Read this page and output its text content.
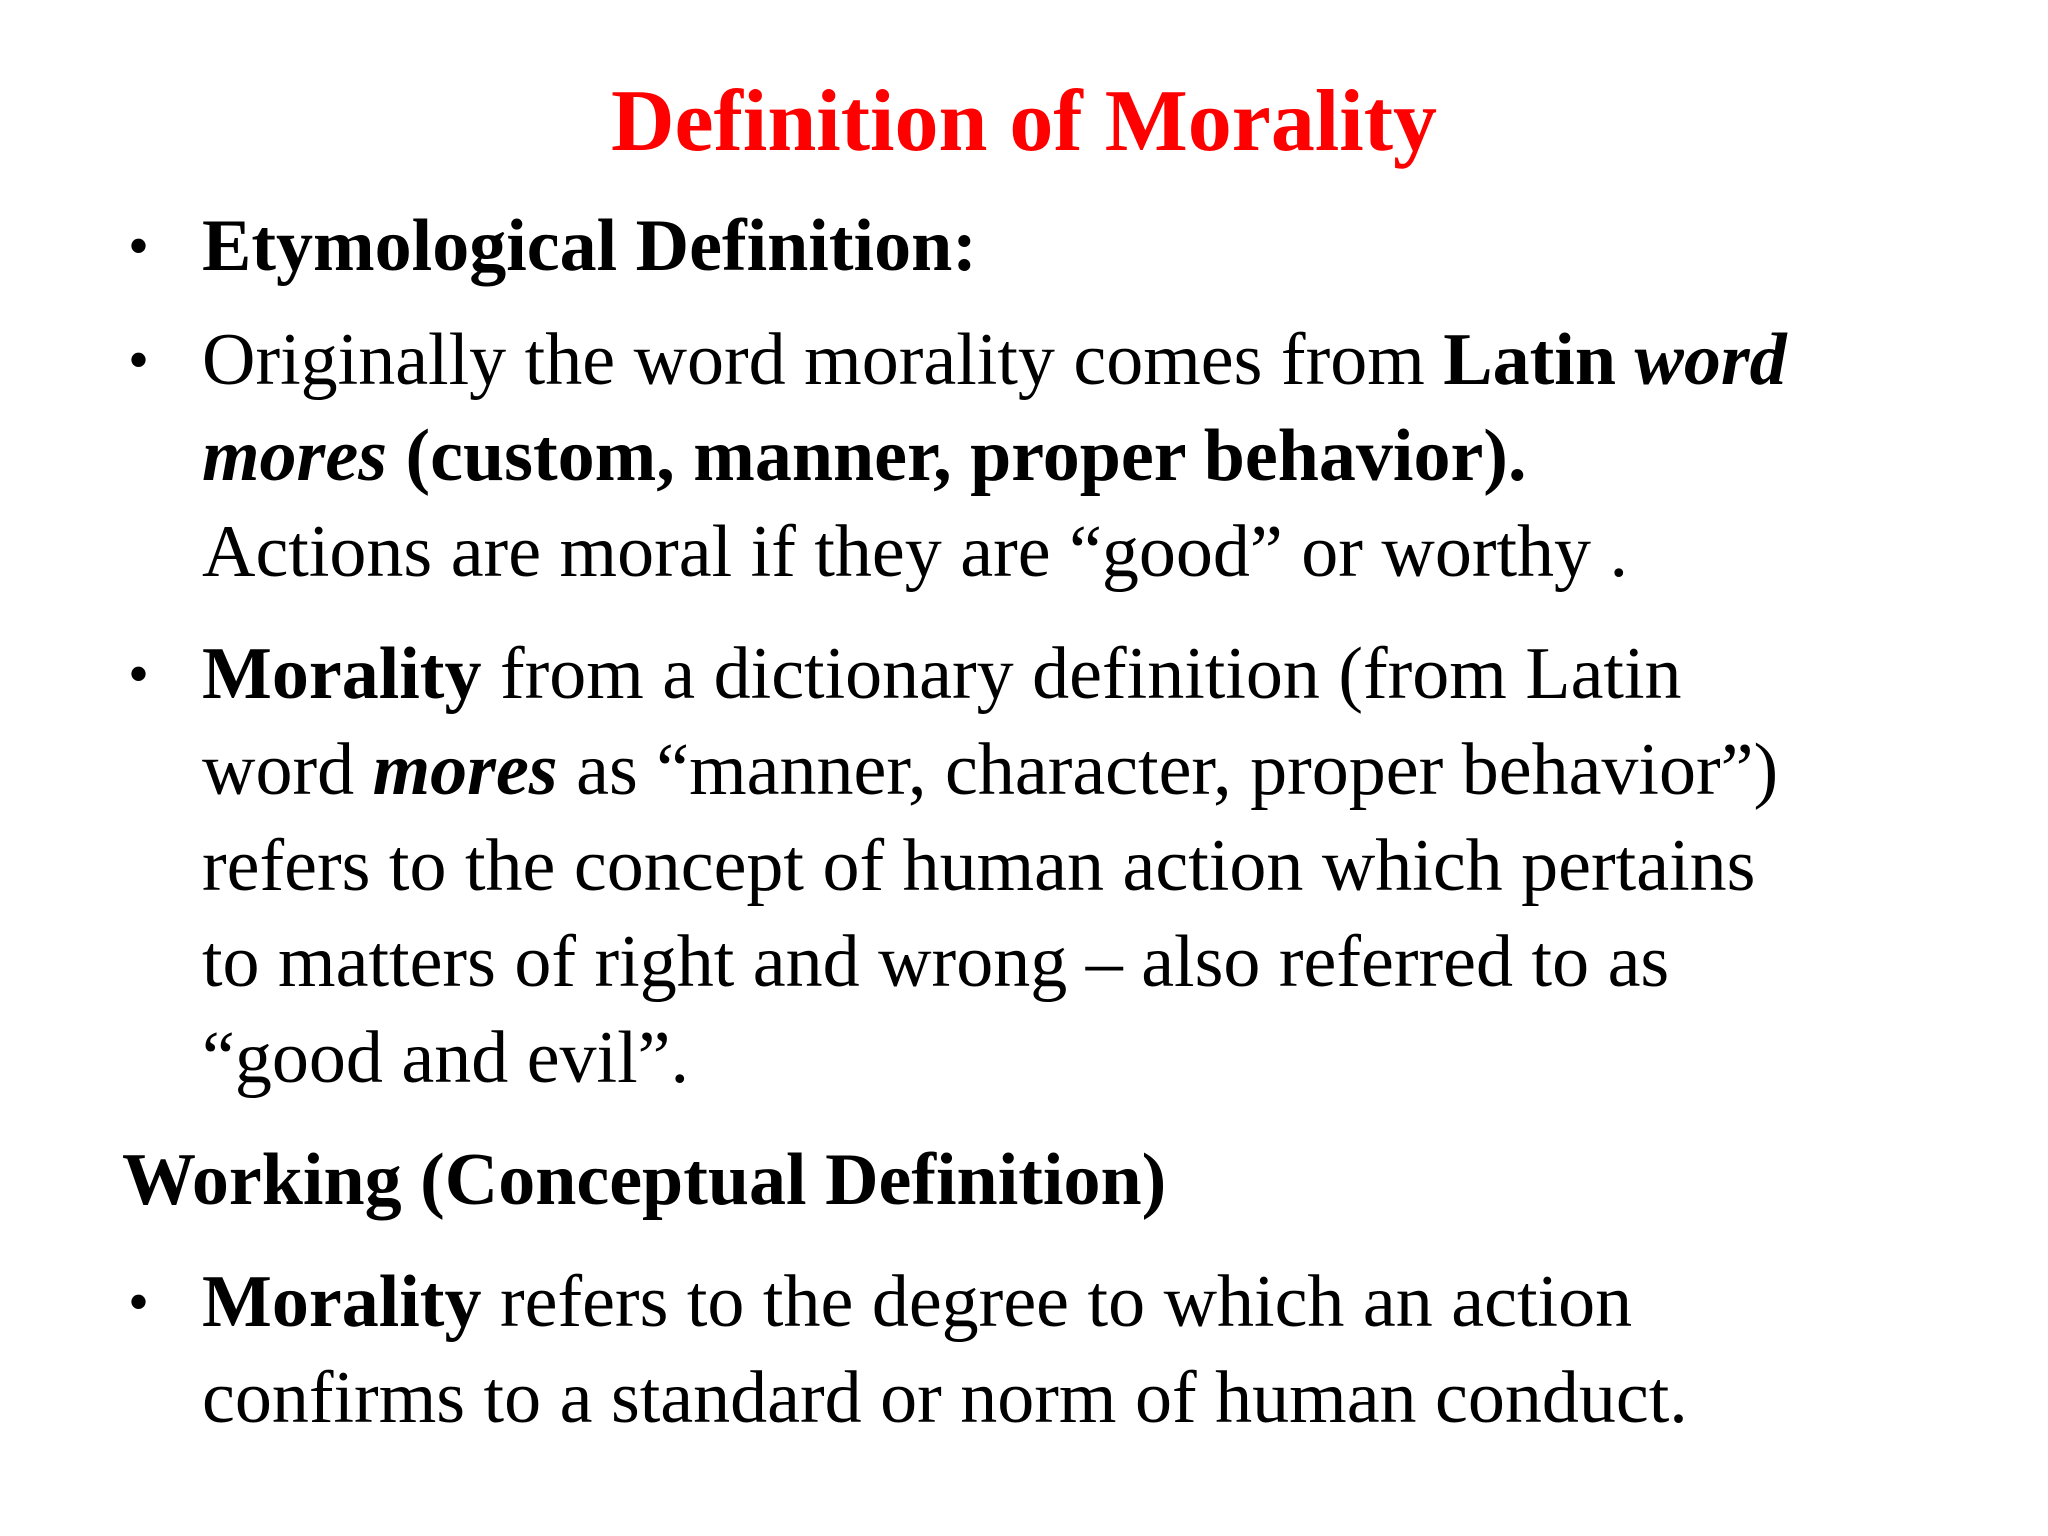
Definition of Morality
• Etymological Definition:
• Originally the word morality comes from Latin word
mores (custom, manner, proper behavior).
Actions are moral if they are “good” or worthy .
• Morality from a dictionary definition (from Latin
word mores as “manner, character, proper behavior”)
refers to the concept of human action which pertains
to matters of right and wrong – also referred to as
“good and evil”.
Working (Conceptual Definition)
• Morality refers to the degree to which an action
confirms to a standard or norm of human conduct.
